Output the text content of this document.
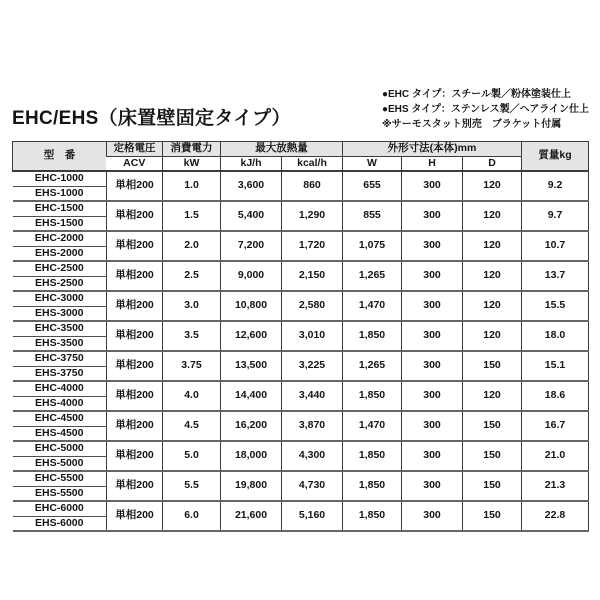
EHC/EHS（床置壁固定タイプ）
●EHC タイプ：スチール製／粉体塗装仕上
●EHS タイプ：ステンレス製／ヘアライン仕上
※サーモスタット別売　ブラケット付属
型　番	定格電圧	消費電力	最大放熱量		外形寸法(本体)mm			質量kg
	ACV	kW	kJ/h	kcal/h	W	H	D	
EHC-1000	単相200	1.0	3,600	860	655	300	120	9.2
EHS-1000								
EHC-1500	単相200	1.5	5,400	1,290	855	300	120	9.7
EHS-1500								
EHC-2000	単相200	2.0	7,200	1,720	1,075	300	120	10.7
EHS-2000								
EHC-2500	単相200	2.5	9,000	2,150	1,265	300	120	13.7
EHS-2500								
EHC-3000	単相200	3.0	10,800	2,580	1,470	300	120	15.5
EHS-3000								
EHC-3500	単相200	3.5	12,600	3,010	1,850	300	120	18.0
EHS-3500								
EHC-3750	単相200	3.75	13,500	3,225	1,265	300	150	15.1
EHS-3750								
EHC-4000	単相200	4.0	14,400	3,440	1,850	300	120	18.6
EHS-4000								
EHC-4500	単相200	4.5	16,200	3,870	1,470	300	150	16.7
EHS-4500								
EHC-5000	単相200	5.0	18,000	4,300	1,850	300	150	21.0
EHS-5000								
EHC-5500	単相200	5.5	19,800	4,730	1,850	300	150	21.3
EHS-5500								
EHC-6000	単相200	6.0	21,600	5,160	1,850	300	150	22.8
EHS-6000								
